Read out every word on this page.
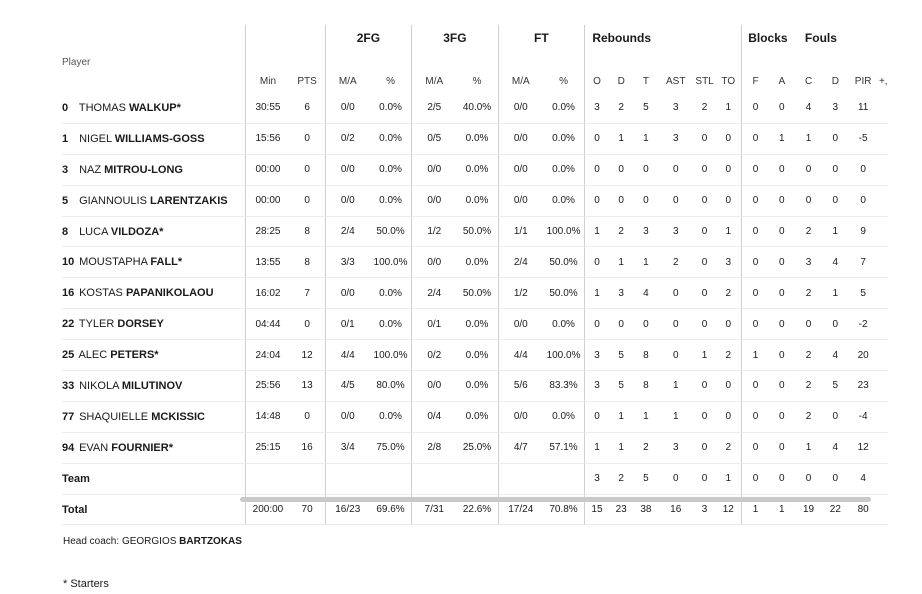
			2FG		3FG		FT		Rebounds						Blocks		Fouls			
Player	Min	PTS	M/A	%	M/A	%	M/A	%	O	D	T	AST	STL	TO	F	A	C	D	PIR	+,
0 THOMAS WALKUP*	30:55	6	0/0	0.0%	2/5	40.0%	0/0	0.0%	3	2	5	3	2	1	0	0	4	3	11	
1 NIGEL WILLIAMS-GOSS	15:56	0	0/2	0.0%	0/5	0.0%	0/0	0.0%	0	1	1	3	0	0	0	1	1	0	-5	
3 NAZ MITROU-LONG	00:00	0	0/0	0.0%	0/0	0.0%	0/0	0.0%	0	0	0	0	0	0	0	0	0	0	0	
5 GIANNOULIS LARENTZAKIS	00:00	0	0/0	0.0%	0/0	0.0%	0/0	0.0%	0	0	0	0	0	0	0	0	0	0	0	
8 LUCA VILDOZA*	28:25	8	2/4	50.0%	1/2	50.0%	1/1	100.0%	1	2	3	3	0	1	0	0	2	1	9	
10 MOUSTAPHA FALL*	13:55	8	3/3	100.0%	0/0	0.0%	2/4	50.0%	0	1	1	2	0	3	0	0	3	4	7	
16 KOSTAS PAPANIKOLAOU	16:02	7	0/0	0.0%	2/4	50.0%	1/2	50.0%	1	3	4	0	0	2	0	0	2	1	5	
22 TYLER DORSEY	04:44	0	0/1	0.0%	0/1	0.0%	0/0	0.0%	0	0	0	0	0	0	0	0	0	0	-2	
25 ALEC PETERS*	24:04	12	4/4	100.0%	0/2	0.0%	4/4	100.0%	3	5	8	0	1	2	1	0	2	4	20	
33 NIKOLA MILUTINOV	25:56	13	4/5	80.0%	0/0	0.0%	5/6	83.3%	3	5	8	1	0	0	0	0	2	5	23	
77 SHAQUIELLE MCKISSIC	14:48	0	0/0	0.0%	0/4	0.0%	0/0	0.0%	0	1	1	1	0	0	0	0	2	0	-4	
94 EVAN FOURNIER*	25:15	16	3/4	75.0%	2/8	25.0%	4/7	57.1%	1	1	2	3	0	2	0	0	1	4	12	
Team									3	2	5	0	0	1	0	0	0	0	4	
Total	200:00	70	16/23	69.6%	7/31	22.6%	17/24	70.8%	15	23	38	16	3	12	1	1	19	22	80	
Head coach: GEORGIOS BARTZOKAS
* Starters
